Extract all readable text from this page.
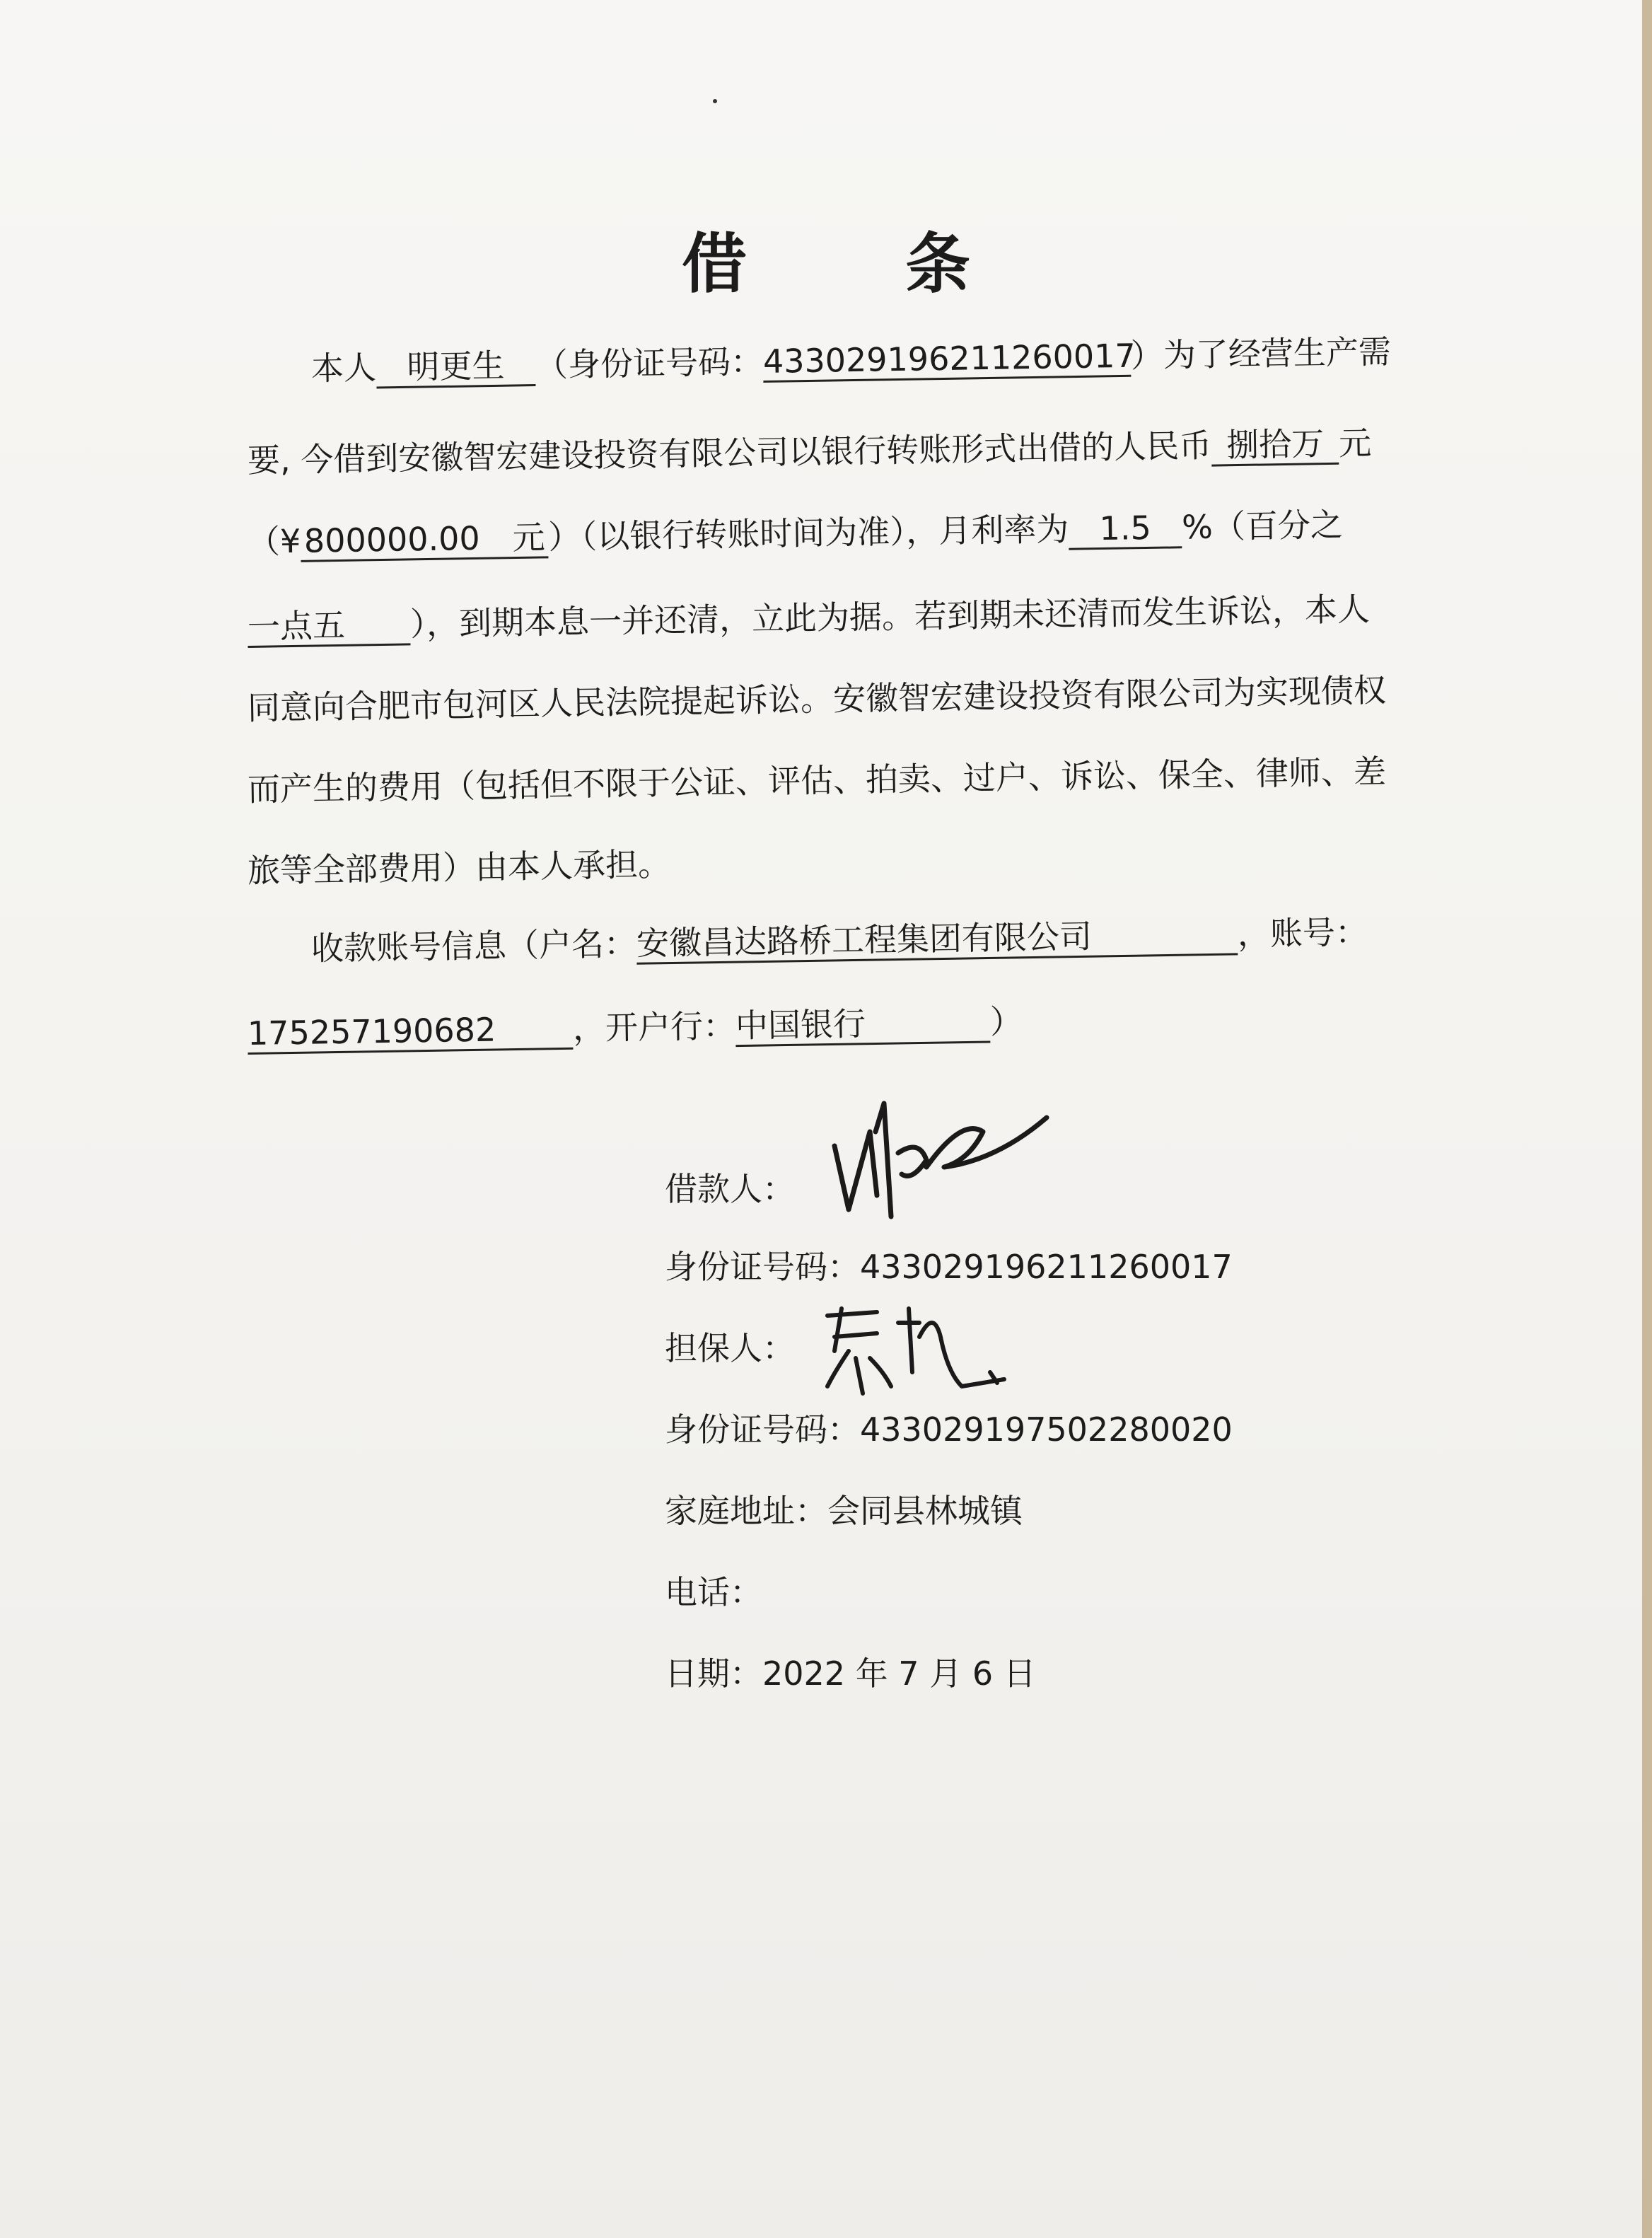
借 条
本人 明更生 （身份证号码：433029196211260017）为了经营生产需
要, 今借到安徽智宏建设投资有限公司以银行转账形式出借的人民币 捌拾万 元
（¥800000.00　元）（以银行转账时间为准），月利率为 1.5 %（百分之
一点五 ），到期本息一并还清，立此为据。若到期未还清而发生诉讼，本人
同意向合肥市包河区人民法院提起诉讼。安徽智宏建设投资有限公司为实现债权
而产生的费用（包括但不限于公证、评估、拍卖、过户、诉讼、保全、律师、差
旅等全部费用）由本人承担。
收款账号信息（户名：安徽昌达路桥工程集团有限公司	，账号：
175257190682 ，开户行：中国银行	）
借款人：
身份证号码：433029196211260017
担保人：
身份证号码：433029197502280020
家庭地址：会同县林城镇
电话：
日期：2022 年 7 月 6 日
